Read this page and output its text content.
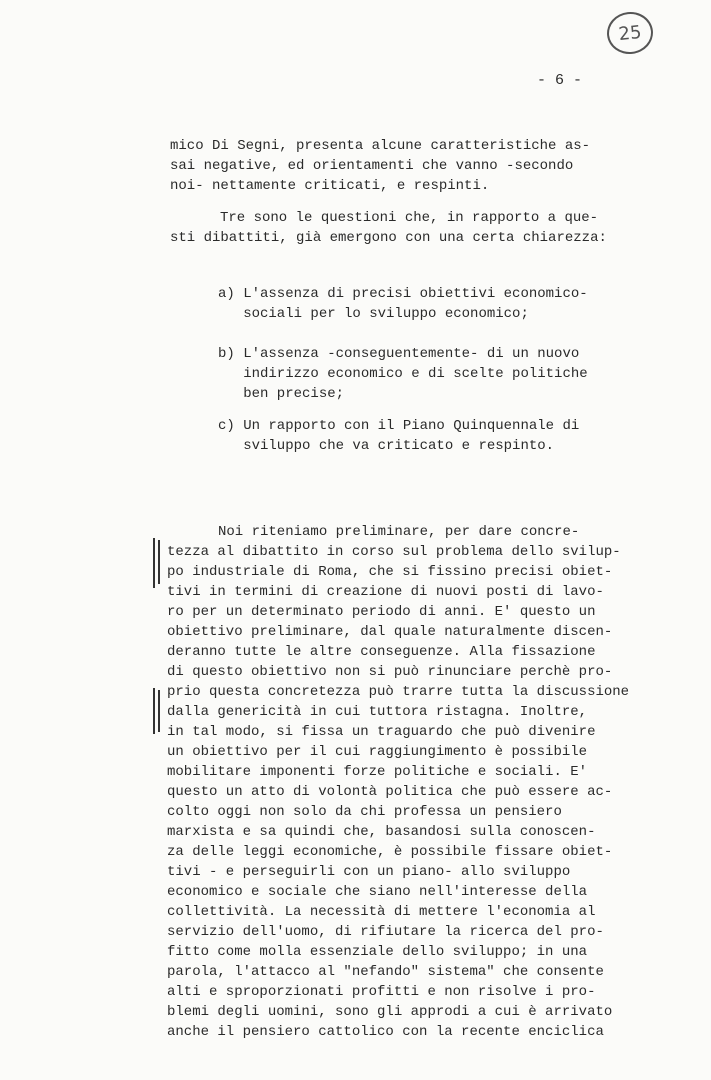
25
- 6 -
mico Di Segni, presenta alcune caratteristiche as-
sai negative, ed orientamenti che vanno -secondo
noi- nettamente criticati, e respinti.
Tre sono le questioni che, in rapporto a que-
sti dibattiti, già emergono con una certa chiarezza:
a) L'assenza di precisi obiettivi economico-
sociali per lo sviluppo economico;
b) L'assenza -conseguentemente- di un nuovo
indirizzo economico e di scelte politiche
ben precise;
c) Un rapporto con il Piano Quinquennale di
sviluppo che va criticato e respinto.
Noi riteniamo preliminare, per dare concre-
tezza al dibattito in corso sul problema dello svilup-
po industriale di Roma, che si fissino precisi obiet-
tivi in termini di creazione di nuovi posti di lavo-
ro per un determinato periodo di anni. E' questo un
obiettivo preliminare, dal quale naturalmente discen-
deranno tutte le altre conseguenze. Alla fissazione
di questo obiettivo non si può rinunciare perchè pro-
prio questa concretezza può trarre tutta la discussione
dalla genericità in cui tuttora ristagna. Inoltre,
in tal modo, si fissa un traguardo che può divenire
un obiettivo per il cui raggiungimento è possibile
mobilitare imponenti forze politiche e sociali. E'
questo un atto di volontà politica che può essere ac-
colto oggi non solo da chi professa un pensiero
marxista e sa quindi che, basandosi sulla conoscen-
za delle leggi economiche, è possibile fissare obiet-
tivi - e perseguirli con un piano- allo sviluppo
economico e sociale che siano nell'interesse della
collettività. La necessità di mettere l'economia al
servizio dell'uomo, di rifiutare la ricerca del pro-
fitto come molla essenziale dello sviluppo; in una
parola, l'attacco al "nefando" sistema" che consente
alti e sproporzionati profitti e non risolve i pro-
blemi degli uomini, sono gli approdi a cui è arrivato
anche il pensiero cattolico con la recente enciclica
